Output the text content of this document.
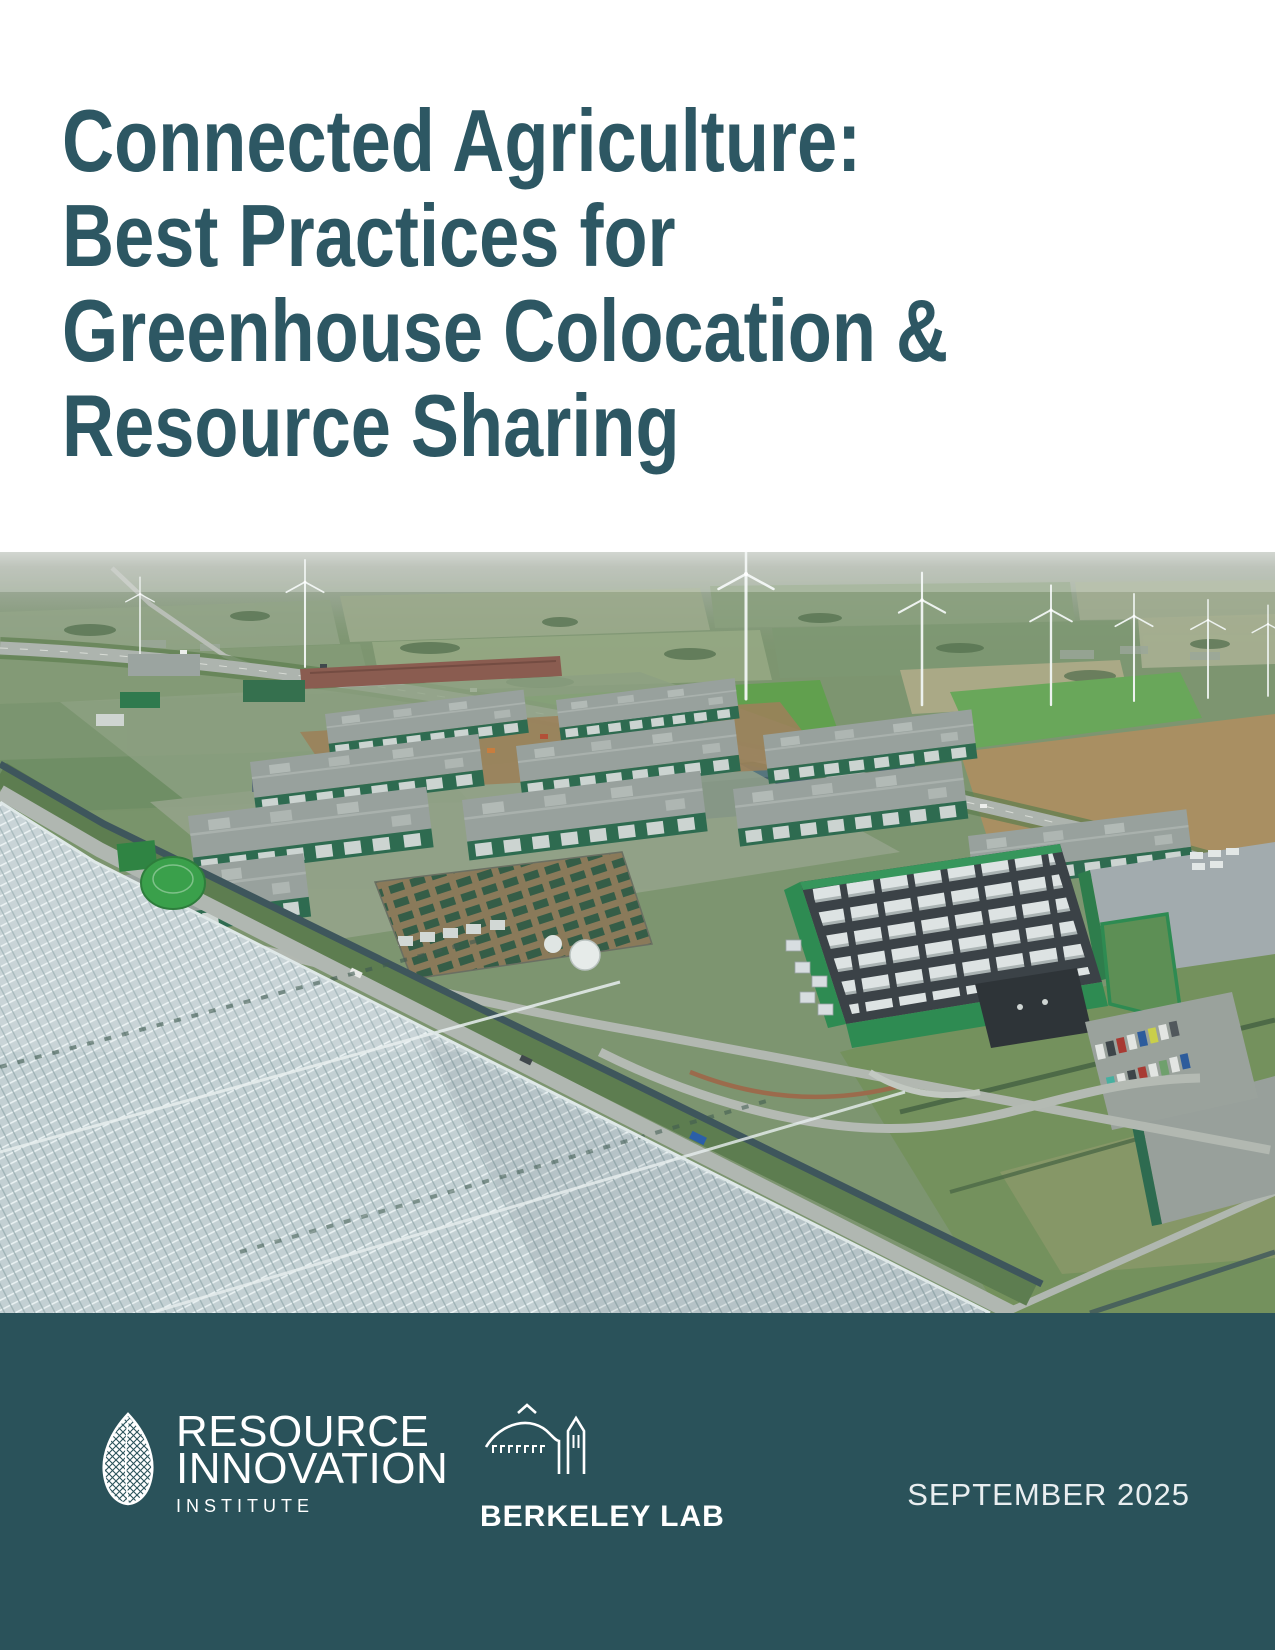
Connected Agriculture:
Best Practices for
Greenhouse Colocation &
Resource Sharing
RESOURCE
INNOVATION
INSTITUTE	BERKELEY LAB
SEPTEMBER 2025
